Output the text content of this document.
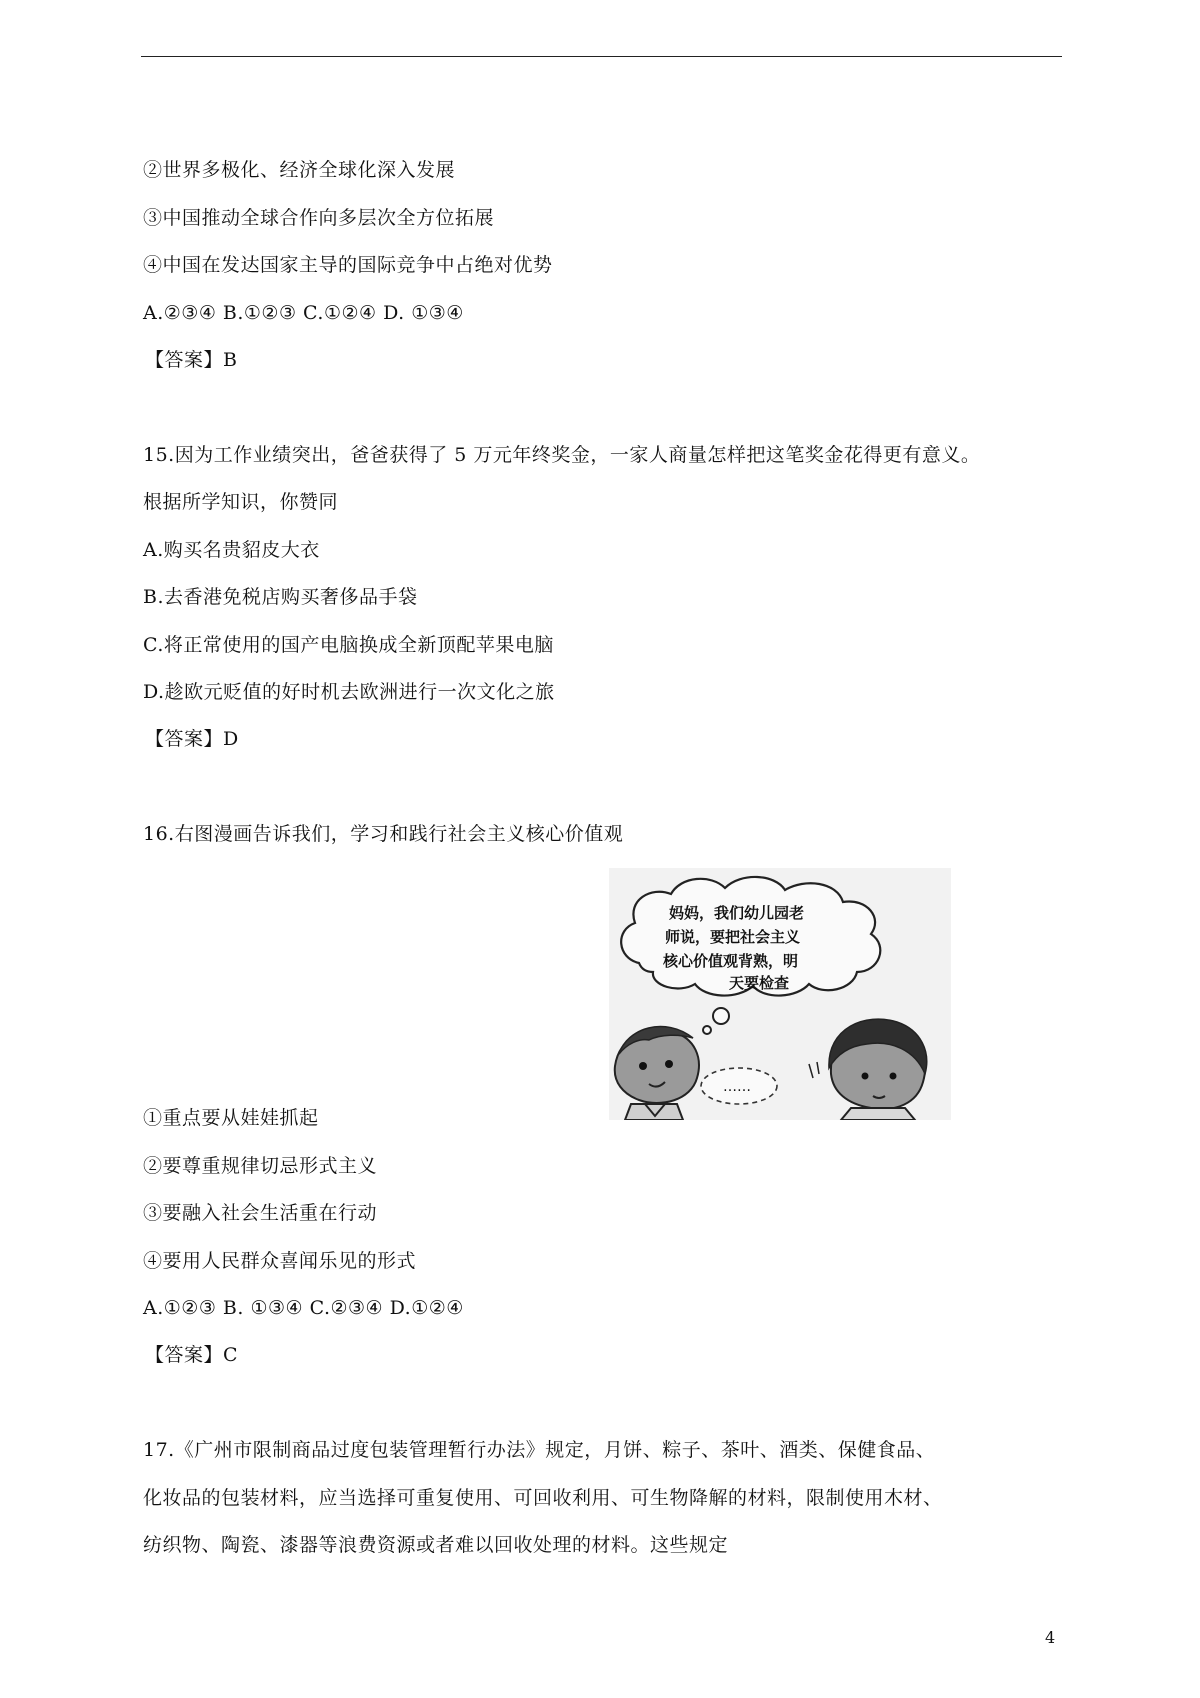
②世界多极化、经济全球化深入发展
③中国推动全球合作向多层次全方位拓展
④中国在发达国家主导的国际竞争中占绝对优势
A.②③④ B.①②③ C.①②④ D. ①③④
【答案】B
15.因为工作业绩突出，爸爸获得了 5 万元年终奖金，一家人商量怎样把这笔奖金花得更有意义。
根据所学知识，你赞同
A.购买名贵貂皮大衣
B.去香港免税店购买奢侈品手袋
C.将正常使用的国产电脑换成全新顶配苹果电脑
D.趁欧元贬值的好时机去欧洲进行一次文化之旅
【答案】D
16.右图漫画告诉我们，学习和践行社会主义核心价值观
妈妈，我们幼儿园老
师说，要把社会主义
核心价值观背熟，明
天要检查
……
①重点要从娃娃抓起
②要尊重规律切忌形式主义
③要融入社会生活重在行动
④要用人民群众喜闻乐见的形式
A.①②③ B. ①③④ C.②③④ D.①②④
【答案】C
17.《广州市限制商品过度包装管理暂行办法》规定，月饼、粽子、茶叶、酒类、保健食品、
化妆品的包装材料，应当选择可重复使用、可回收利用、可生物降解的材料，限制使用木材、
纺织物、陶瓷、漆器等浪费资源或者难以回收处理的材料。这些规定
4
